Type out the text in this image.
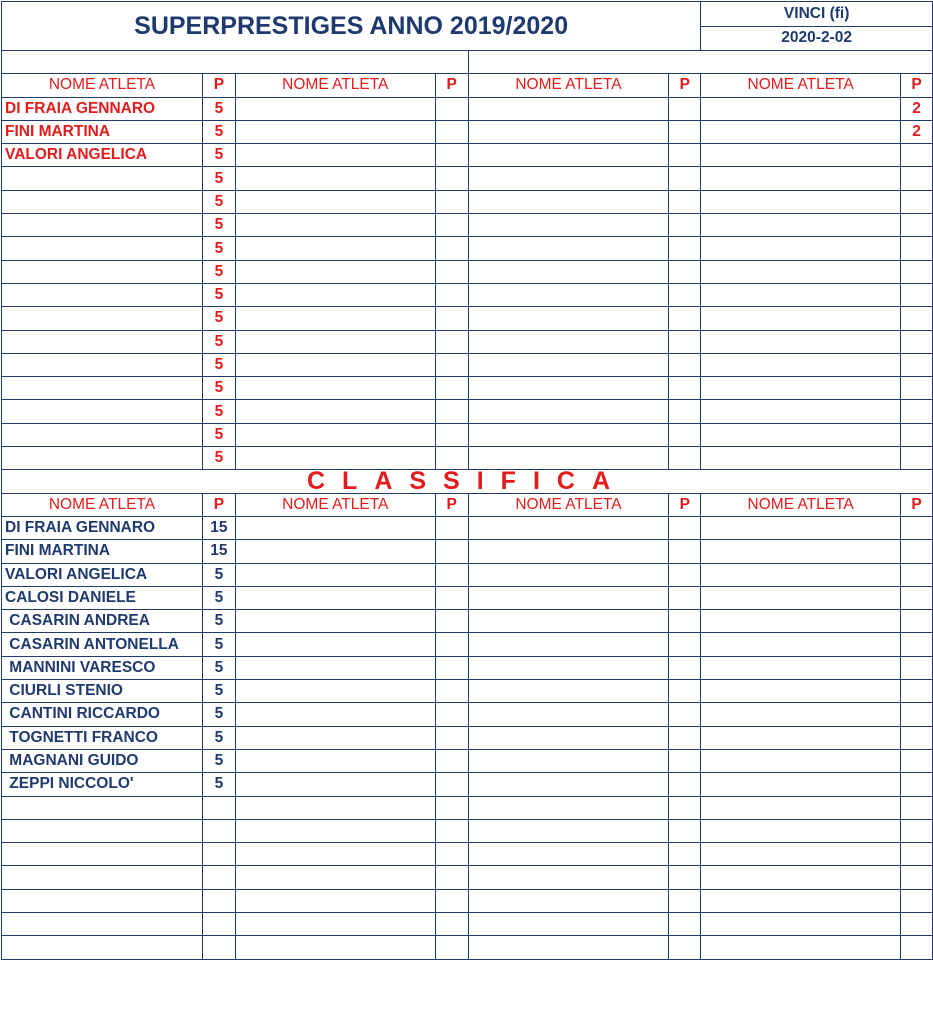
SUPERPRESTIGES ANNO 2019/2020						VINCI (fi)	
						2020-2-02	

NOME ATLETA	P	NOME ATLETA	P	NOME ATLETA	P	NOME ATLETA	P
DI FRAIA GENNARO	5						2
FINI MARTINA	5						2
VALORI ANGELICA	5						
	5						
	5						
	5						
	5						
	5						
	5						
	5						
	5						
	5						
	5						
	5						
	5						
	5						
CLASSIFICA							
NOME ATLETA	P	NOME ATLETA	P	NOME ATLETA	P	NOME ATLETA	P
DI FRAIA GENNARO	15						
FINI MARTINA	15						
VALORI ANGELICA	5						
CALOSI DANIELE	5						
CASARIN ANDREA	5						
CASARIN ANTONELLA	5						
MANNINI VARESCO	5						
CIURLI STENIO	5						
CANTINI RICCARDO	5						
TOGNETTI FRANCO	5						
MAGNANI GUIDO	5						
ZEPPI NICCOLO'	5						
